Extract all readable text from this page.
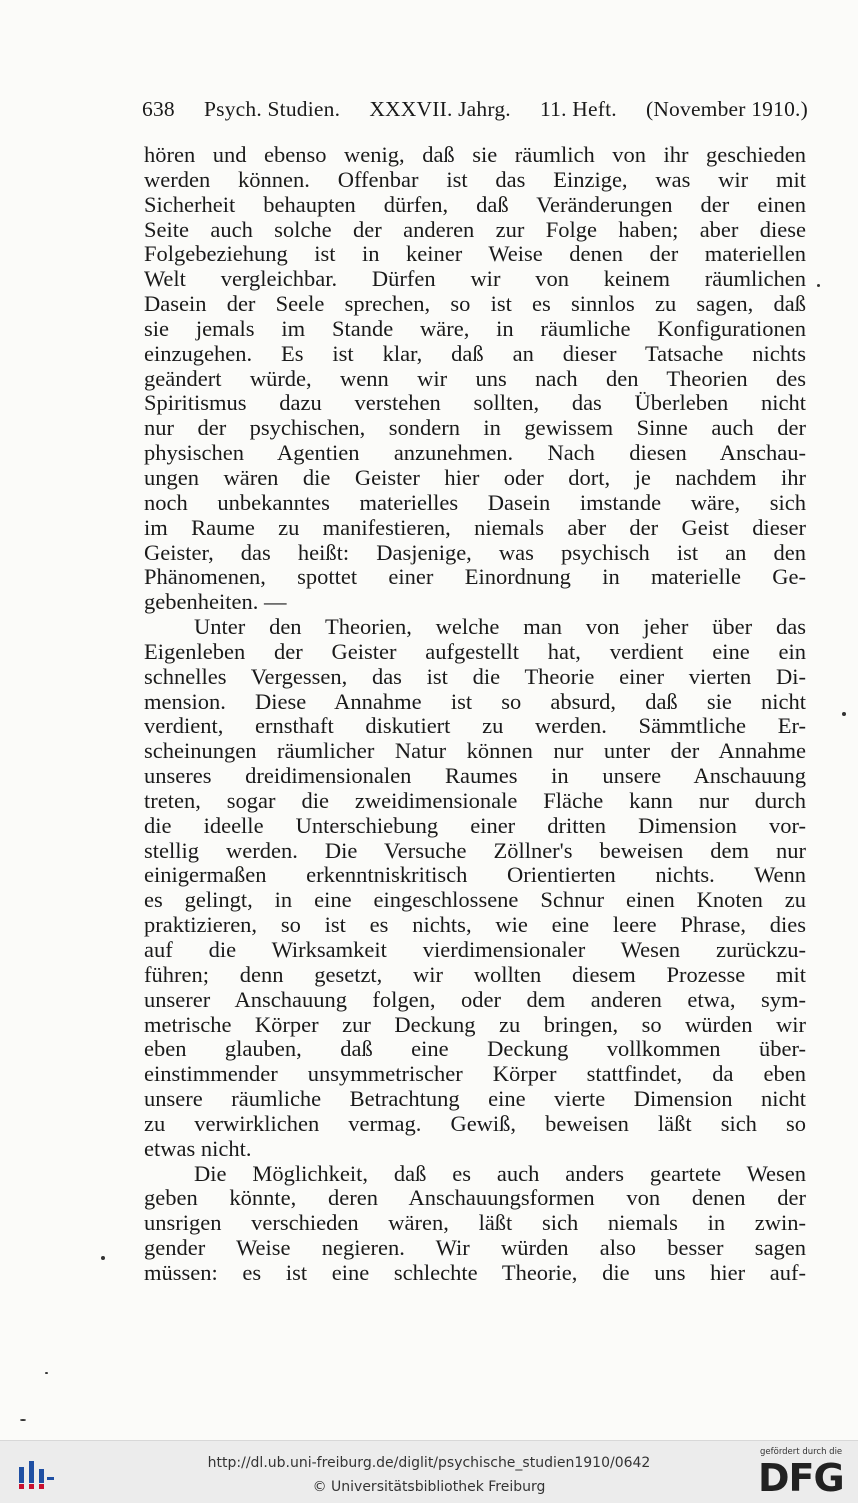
638 Psych. Studien. XXXVII. Jahrg. 11. Heft. (November 1910.)
hören und ebenso wenig, daß sie räumlich von ihr geschieden
werden können. Offenbar ist das Einzige, was wir mit
Sicherheit behaupten dürfen, daß Veränderungen der einen
Seite auch solche der anderen zur Folge haben; aber diese
Folgebeziehung ist in keiner Weise denen der materiellen
Welt vergleichbar. Dürfen wir von keinem räumlichen
Dasein der Seele sprechen, so ist es sinnlos zu sagen, daß
sie jemals im Stande wäre, in räumliche Konfigurationen
einzugehen. Es ist klar, daß an dieser Tatsache nichts
geändert würde, wenn wir uns nach den Theorien des
Spiritismus dazu verstehen sollten, das Überleben nicht
nur der psychischen, sondern in gewissem Sinne auch der
physischen Agentien anzunehmen. Nach diesen Anschau-
ungen wären die Geister hier oder dort, je nachdem ihr
noch unbekanntes materielles Dasein imstande wäre, sich
im Raume zu manifestieren, niemals aber der Geist dieser
Geister, das heißt: Dasjenige, was psychisch ist an den
Phänomenen, spottet einer Einordnung in materielle Ge-
gebenheiten. —
Unter den Theorien, welche man von jeher über das
Eigenleben der Geister aufgestellt hat, verdient eine ein
schnelles Vergessen, das ist die Theorie einer vierten Di-
mension. Diese Annahme ist so absurd, daß sie nicht
verdient, ernsthaft diskutiert zu werden. Sämmtliche Er-
scheinungen räumlicher Natur können nur unter der Annahme
unseres dreidimensionalen Raumes in unsere Anschauung
treten, sogar die zweidimensionale Fläche kann nur durch
die ideelle Unterschiebung einer dritten Dimension vor-
stellig werden. Die Versuche Zöllner's beweisen dem nur
einigermaßen erkenntniskritisch Orientierten nichts. Wenn
es gelingt, in eine eingeschlossene Schnur einen Knoten zu
praktizieren, so ist es nichts, wie eine leere Phrase, dies
auf die Wirksamkeit vierdimensionaler Wesen zurückzu-
führen; denn gesetzt, wir wollten diesem Prozesse mit
unserer Anschauung folgen, oder dem anderen etwa, sym-
metrische Körper zur Deckung zu bringen, so würden wir
eben glauben, daß eine Deckung vollkommen über-
einstimmender unsymmetrischer Körper stattfindet, da eben
unsere räumliche Betrachtung eine vierte Dimension nicht
zu verwirklichen vermag. Gewiß, beweisen läßt sich so
etwas nicht.
Die Möglichkeit, daß es auch anders geartete Wesen
geben könnte, deren Anschauungsformen von denen der
unsrigen verschieden wären, läßt sich niemals in zwin-
gender Weise negieren. Wir würden also besser sagen
müssen: es ist eine schlechte Theorie, die uns hier auf-
http://dl.ub.uni-freiburg.de/diglit/psychische_studien1910/0642
© Universitätsbibliothek Freiburg
gefördert durch die
DFG
